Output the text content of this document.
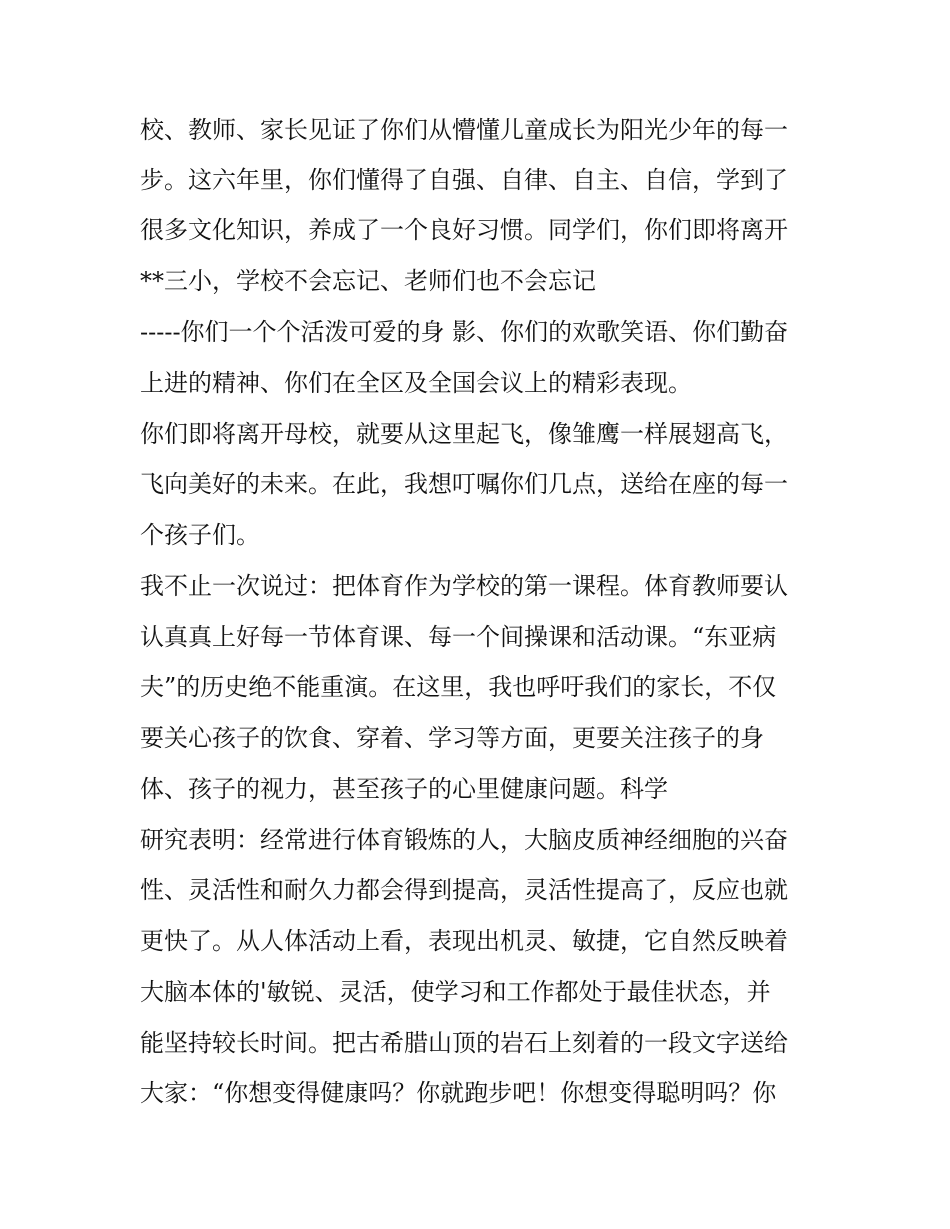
校、教师、家长见证了你们从懵懂儿童成长为阳光少年的每一
步。这六年里，你们懂得了自强、自律、自主、自信，学到了
很多文化知识，养成了一个良好习惯。同学们，你们即将离开
**三小，学校不会忘记、老师们也不会忘记
-----你们一个个活泼可爱的身 影、你们的欢歌笑语、你们勤奋
上进的精神、你们在全区及全国会议上的精彩表现。
你们即将离开母校，就要从这里起飞，像雏鹰一样展翅高飞，
飞向美好的未来。在此，我想叮嘱你们几点，送给在座的每一
个孩子们。
我不止一次说过：把体育作为学校的第一课程。体育教师要认
认真真上好每一节体育课、每一个间操课和活动课。“东亚病
夫”的历史绝不能重演。在这里，我也呼吁我们的家长，不仅
要关心孩子的饮食、穿着、学习等方面，更要关注孩子的身
体、孩子的视力，甚至孩子的心里健康问题。科学
研究表明：经常进行体育锻炼的人，大脑皮质神经细胞的兴奋
性、灵活性和耐久力都会得到提高，灵活性提高了，反应也就
更快了。从人体活动上看，表现出机灵、敏捷，它自然反映着
大脑本体的'敏锐、灵活，使学习和工作都处于最佳状态，并
能坚持较长时间。把古希腊山顶的岩石上刻着的一段文字送给
大家：“你想变得健康吗？你就跑步吧！你想变得聪明吗？你
